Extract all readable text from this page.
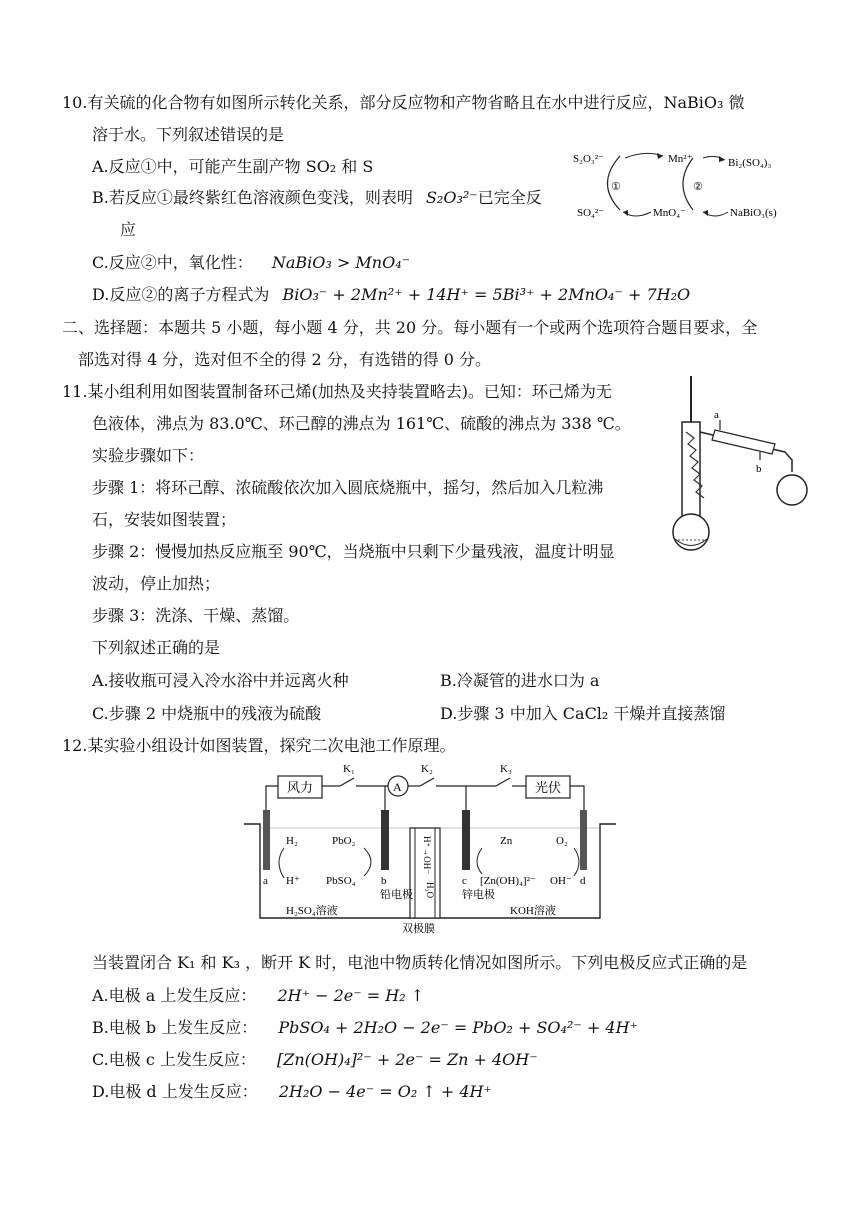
10.有关硫的化合物有如图所示转化关系，部分反应物和产物省略且在水中进行反应，NaBiO₃ 微
溶于水。下列叙述错误的是
A.反应①中，可能产生副产物 SO₂ 和 S
B.若反应①最终紫红色溶液颜色变浅，则表明 S₂O₃²⁻已完全反
应
C.反应②中，氧化性： NaBiO₃ > MnO₄⁻
D.反应②的离子方程式为 BiO₃⁻ + 2Mn²⁺ + 14H⁺ = 5Bi³⁺ + 2MnO₄⁻ + 7H₂O
S₂O₃²⁻
SO₄²⁻
Mn²⁺
MnO₄⁻
Bi₂(SO₄)₃
NaBiO₃(s)
①	②
二、选择题：本题共 5 小题，每小题 4 分，共 20 分。每小题有一个或两个选项符合题目要求，全
部选对得 4 分，选对但不全的得 2 分，有选错的得 0 分。
11.某小组利用如图装置制备环己烯(加热及夹持装置略去)。已知：环己烯为无
色液体，沸点为 83.0℃、环己醇的沸点为 161℃、硫酸的沸点为 338 ℃。
实验步骤如下：
步骤 1：将环己醇、浓硫酸依次加入圆底烧瓶中，摇匀，然后加入几粒沸
石，安装如图装置；
步骤 2：慢慢加热反应瓶至 90℃，当烧瓶中只剩下少量残液，温度计明显
波动，停止加热；
步骤 3：洗涤、干燥、蒸馏。
下列叙述正确的是
A.接收瓶可浸入冷水浴中并远离火种	B.冷凝管的进水口为 a
C.步骤 2 中烧瓶中的残液为硫酸	D.步骤 3 中加入 CaCl₂ 干燥并直接蒸馏
a
b
12.某实验小组设计如图装置，探究二次电池工作原理。
风力
K₁
A
K₂	K₃
光伏
H⁺→OH⁻
H₂O
a	b	c	d
H₂
H⁺
PbO₂
PbSO₄
铅电极
H₂SO₄溶液
Zn
[Zn(OH)₄]²⁻
O₂
OH⁻
锌电极
KOH溶液
双极膜
当装置闭合 K₁ 和 K₃ ，断开 K 时，电池中物质转化情况如图所示。下列电极反应式正确的是
A.电极 a 上发生反应： 2H⁺ − 2e⁻ = H₂ ↑
B.电极 b 上发生反应： PbSO₄ + 2H₂O − 2e⁻ = PbO₂ + SO₄²⁻ + 4H⁺
C.电极 c 上发生反应： [Zn(OH)₄]²⁻ + 2e⁻ = Zn + 4OH⁻
D.电极 d 上发生反应： 2H₂O − 4e⁻ = O₂ ↑ + 4H⁺
